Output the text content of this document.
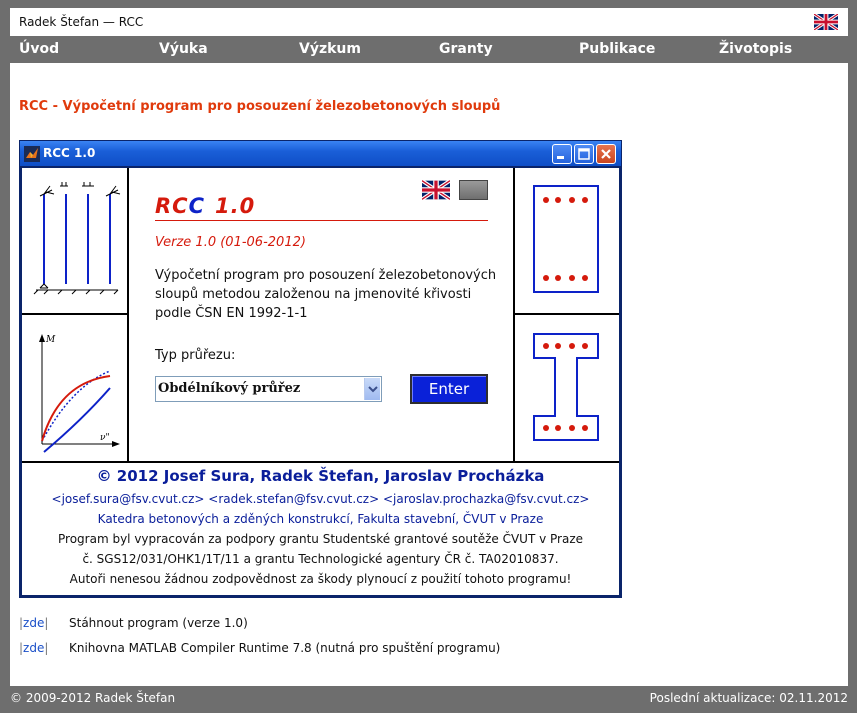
Radek Štefan — RCC
Úvod	Výuka	Výzkum	Granty	Publikace	Životopis
RCC - Výpočetní program pro posouzení železobetonových sloupů
RCC 1.0
M
ν"
RCC 1.0
Verze 1.0 (01-06-2012)
Výpočetní program pro posouzení železobetonových sloupů metodou založenou na jmenovité křivosti podle ČSN EN 1992-1-1
Typ průřezu:
Obdélníkový průřez	Enter
© 2012 Josef Sura, Radek Štefan, Jaroslav Procházka
<josef.sura@fsv.cvut.cz> <radek.stefan@fsv.cvut.cz> <jaroslav.prochazka@fsv.cvut.cz>
Katedra betonových a zděných konstrukcí, Fakulta stavební, ČVUT v Praze
Program byl vypracován za podpory grantu Studentské grantové soutěže ČVUT v Praze
č. SGS12/031/OHK1/1T/11 a grantu Technologické agentury ČR č. TA02010837.
Autoři nenesou žádnou zodpovědnost za škody plynoucí z použití tohoto programu!
|zde| Stáhnout program (verze 1.0)
|zde| Knihovna MATLAB Compiler Runtime 7.8 (nutná pro spuštění programu)
© 2009-2012 Radek Štefan	Poslední aktualizace: 02.11.2012
